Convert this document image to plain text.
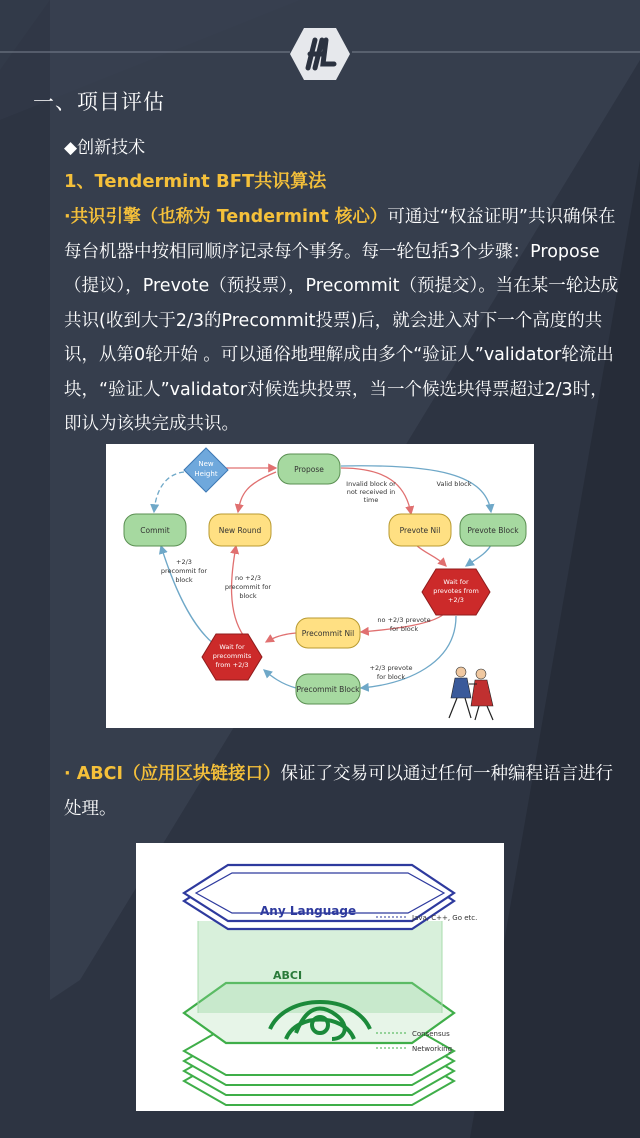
一、项目评估
◆创新技术
1、Tendermint BFT共识算法
·共识引擎（也称为 Tendermint 核心）可通过“权益证明”共识确保在每台机器中按相同顺序记录每个事务。每一轮包括3个步骤：Propose（提议），Prevote（预投票），Precommit（预提交）。当在某一轮达成共识(收到大于2/3的Precommit投票)后，就会进入对下一个高度的共识，从第0轮开始 。可以通俗地理解成由多个“验证人”validator轮流出块，“验证人”validator对候选块投票，当一个候选块得票超过2/3时，即认为该块完成共识。
New
Height	Propose
Commit	New Round	Prevote Nil	Prevote Block
Wait for
prevotes from
+2/3
Precommit Nil
Precommit Block
Wait for
precommits
from +2/3
Invalid block or
not received in
time
Valid block
+2/3
precommit for
block	no +2/3
precommit for
block
no +2/3 prevote
for block
+2/3 prevote
for block
· ABCI（应用区块链接口）保证了交易可以通过任何一种编程语言进行处理。
Any Language
ABCI
Java, C++, Go etc.
Consensus
Networking
